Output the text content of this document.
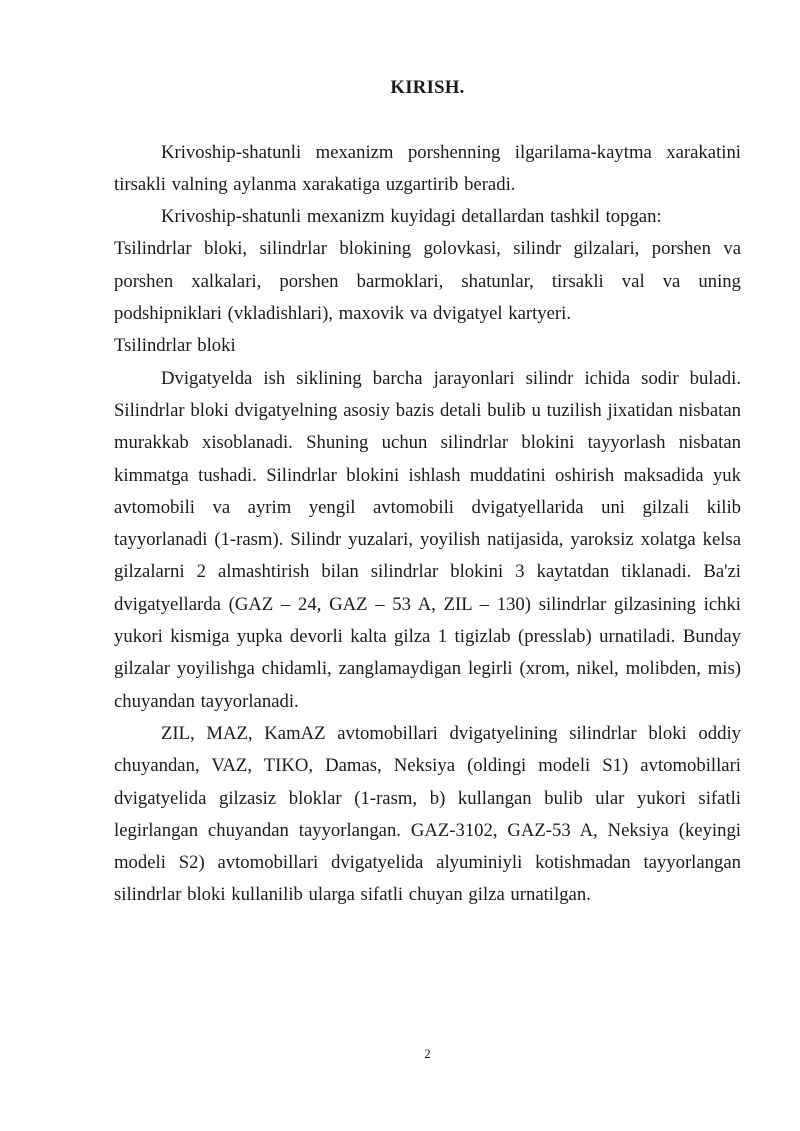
KIRISH.

Krivoship-shatunli mexanizm porshenning ilgarilama-kaytma xarakatini tirsakli valning aylanma xarakatiga uzgartirib beradi.

Krivoship-shatunli mexanizm kuyidagi detallardan tashkil topgan:

Tsilindrlar bloki, silindrlar blokining golovkasi, silindr gilzalari, porshen va porshen xalkalari, porshen barmoklari, shatunlar, tirsakli val va uning podshipniklari (vkladishlari), maxovik va dvigatyel kartyeri.

Tsilindrlar bloki

Dvigatyelda ish siklining barcha jarayonlari silindr ichida sodir buladi. Silindrlar bloki dvigatyelning asosiy bazis detali bulib u tuzilish jixatidan nisbatan murakkab xisoblanadi. Shuning uchun silindrlar blokini tayyorlash nisbatan kimmatga tushadi. Silindrlar blokini ishlash muddatini oshirish maksadida yuk avtomobili va ayrim yengil avtomobili dvigatyellarida uni gilzali kilib tayyorlanadi (1-rasm). Silindr yuzalari, yoyilish natijasida, yaroksiz xolatga kelsa gilzalarni 2 almashtirish bilan silindrlar blokini 3 kaytatdan tiklanadi. Ba'zi dvigatyellarda (GAZ – 24, GAZ – 53 A, ZIL – 130) silindrlar gilzasining ichki yukori kismiga yupka devorli kalta gilza 1 tigizlab (presslab) urnatiladi. Bunday gilzalar yoyilishga chidamli, zanglamaydigan legirli (xrom, nikel, molibden, mis) chuyandan tayyorlanadi.

ZIL, MAZ, KamAZ avtomobillari dvigatyelining silindrlar bloki oddiy chuyandan, VAZ, TIKO, Damas, Neksiya (oldingi modeli S1) avtomobillari dvigatyelida gilzasiz bloklar (1-rasm, b) kullangan bulib ular yukori sifatli legirlangan chuyandan tayyorlangan. GAZ-3102, GAZ-53 A, Neksiya (keyingi modeli S2) avtomobillari dvigatyelida alyuminiyli kotishmadan tayyorlangan silindrlar bloki kullanilib ularga sifatli chuyan gilza urnatilgan.

2
